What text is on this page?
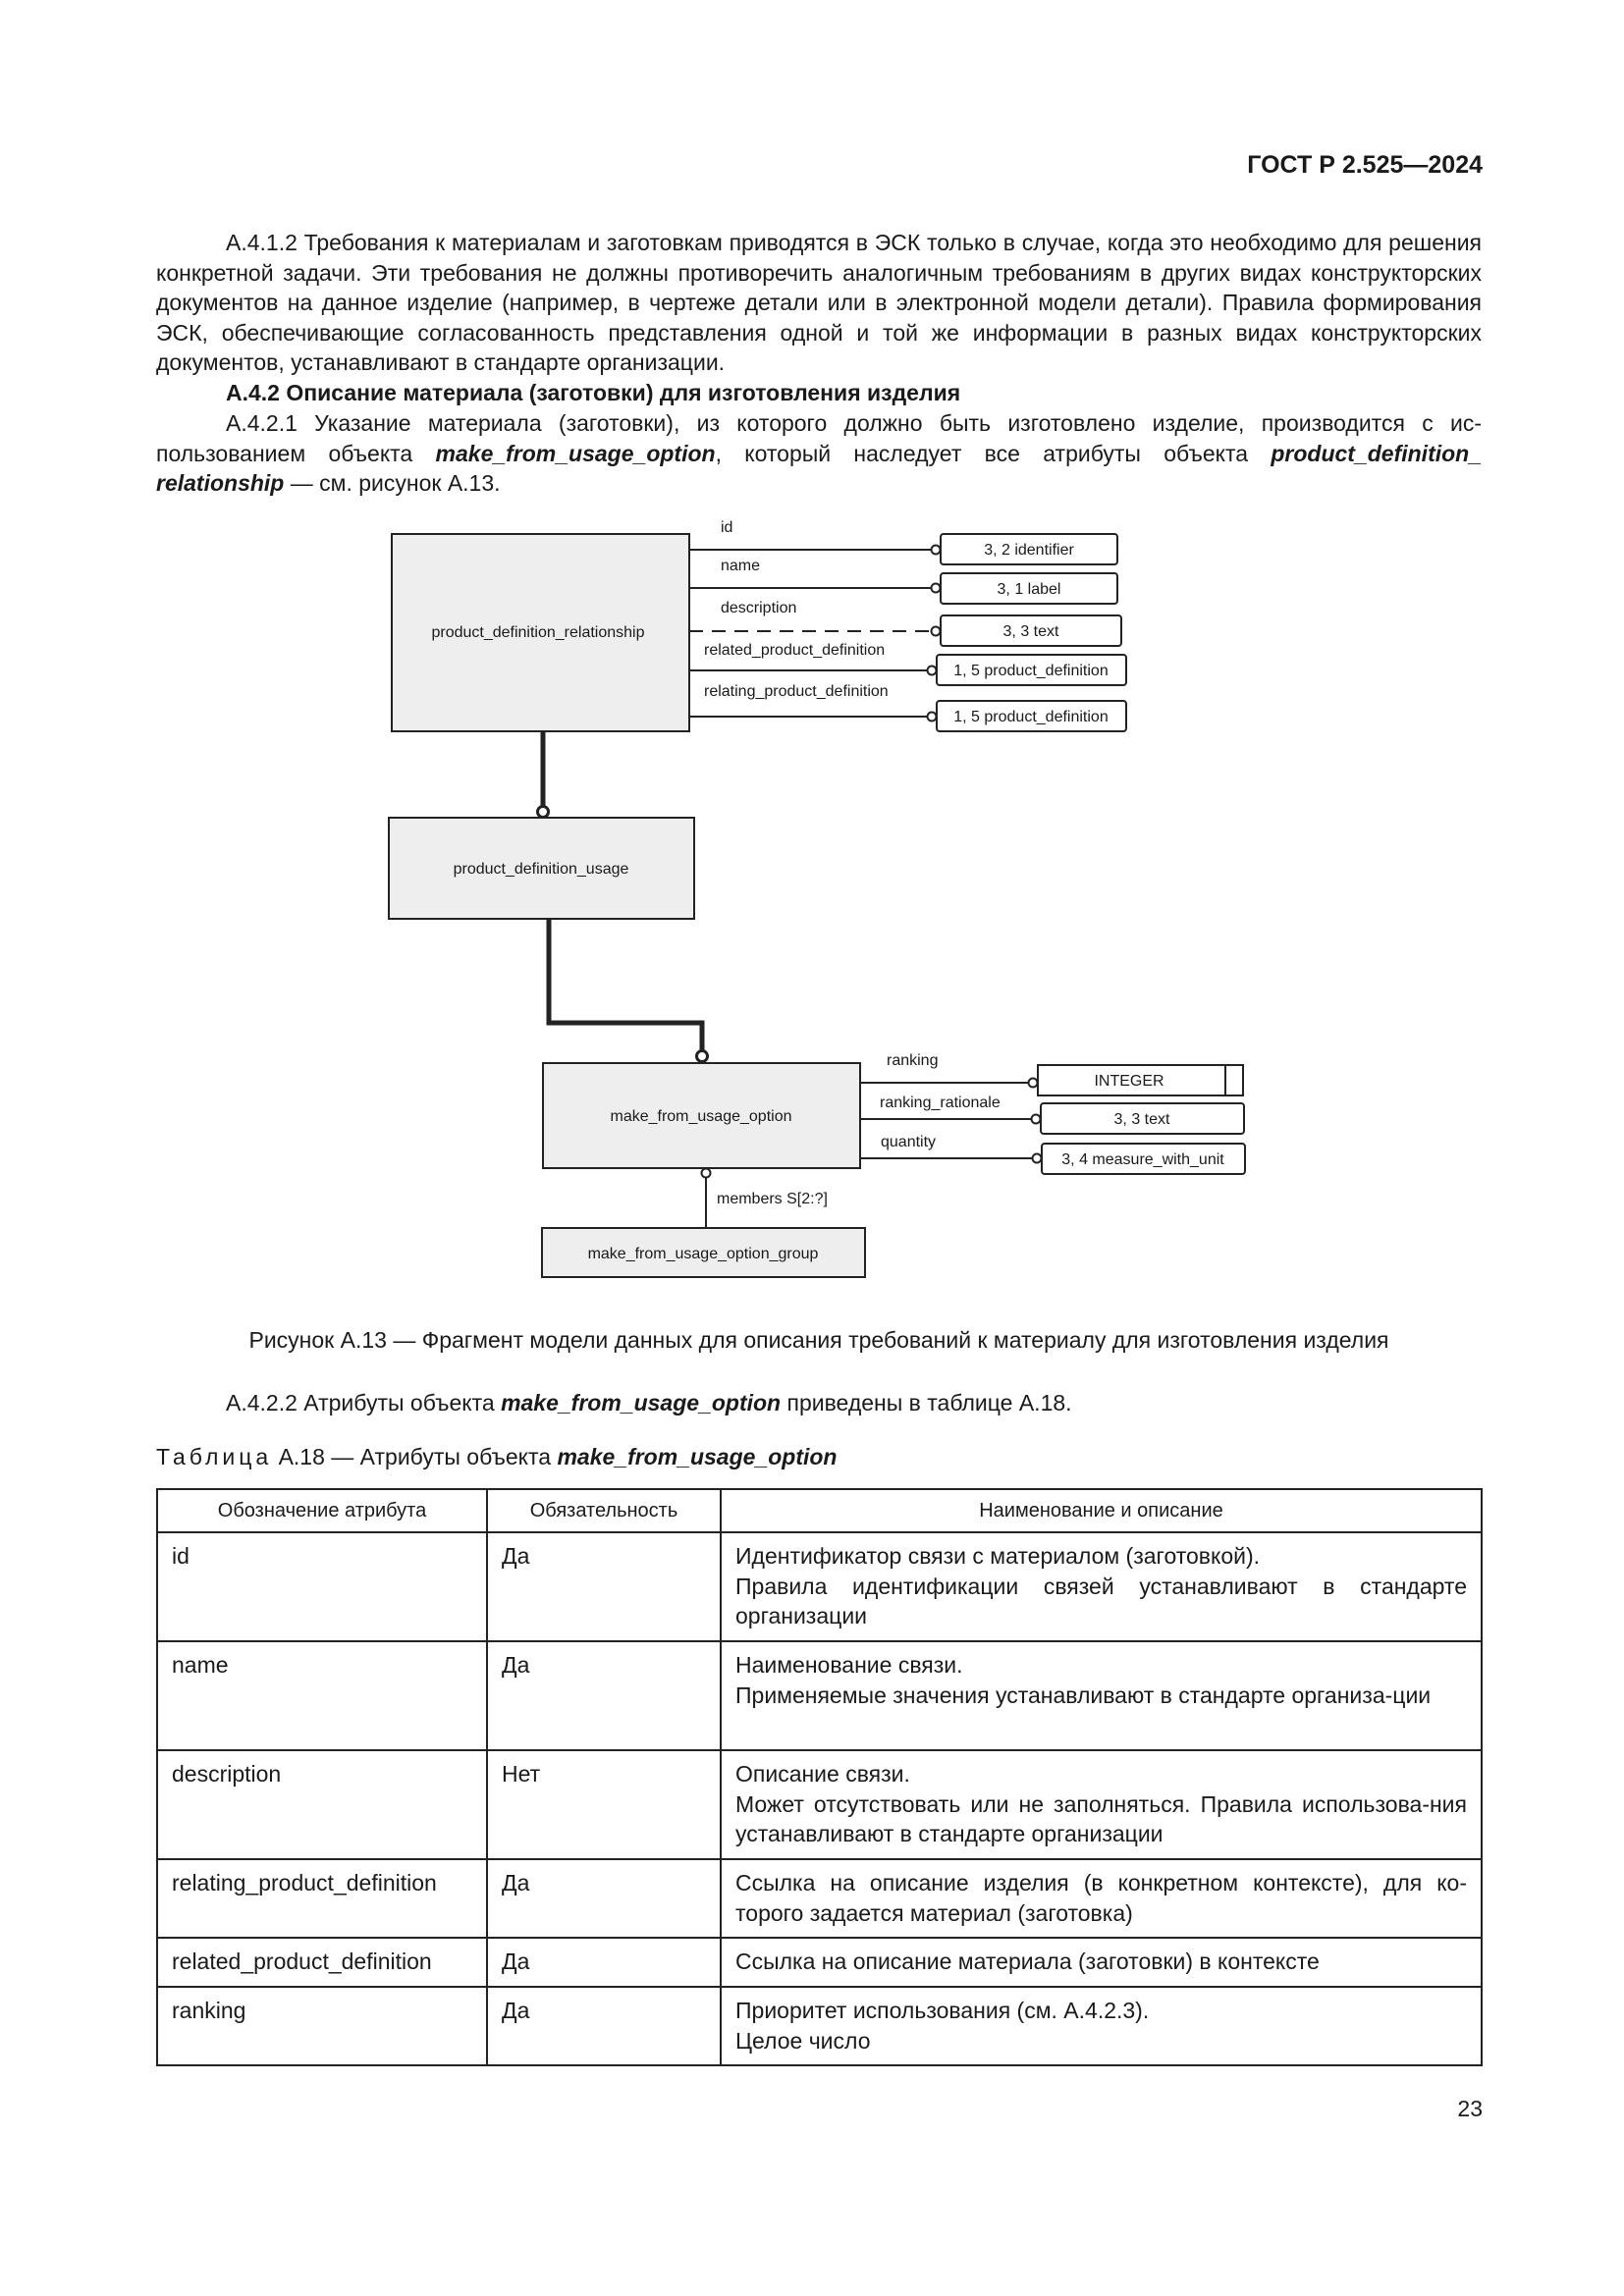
ГОСТ Р 2.525—2024
А.4.1.2 Требования к материалам и заготовкам приводятся в ЭСК только в случае, когда это необходимо для решения конкретной задачи. Эти требования не должны противоречить аналогичным требованиям в других видах конструкторских документов на данное изделие (например, в чертеже детали или в электронной модели детали). Правила формирования ЭСК, обеспечивающие согласованность представления одной и той же информации в разных видах конструкторских документов, устанавливают в стандарте организации.
А.4.2 Описание материала (заготовки) для изготовления изделия
А.4.2.1 Указание материала (заготовки), из которого должно быть изготовлено изделие, производится с ис- пользованием объекта make_from_usage_option, который наследует все атрибуты объекта product_definition_ relationship — см. рисунок А.13.
product_definition_relationship
product_definition_usage
make_from_usage_option
make_from_usage_option_group
id
name
description
related_product_definition
relating_product_definition
3, 2 identifier
3, 1 label
3, 3 text
1, 5 product_definition
1, 5 product_definition
ranking
ranking_rationale
quantity
INTEGER
3, 3 text
3, 4 measure_with_unit
members S[2:?]
Рисунок А.13 — Фрагмент модели данных для описания требований к материалу для изготовления изделия
А.4.2.2 Атрибуты объекта make_from_usage_option приведены в таблице А.18.
Таблица А.18 — Атрибуты объекта make_from_usage_option
Обозначение атрибута	Обязательность	Наименование и описание
id	Да	Идентификатор связи с материалом (заготовкой).
Правила идентификации связей устанавливают в стандарте организации

name	Да	Наименование связи.
Применяемые значения устанавливают в стандарте организа-ции

description	Нет	Описание связи.
Может отсутствовать или не заполняться. Правила использова-ния устанавливают в стандарте организации

relating_product_definition	Да	Ссылка на описание изделия (в конкретном контексте), для ко-торого задается материал (заготовка)

related_product_definition	Да	Ссылка на описание материала (заготовки) в контексте

ranking	Да	Приоритет использования (см. А.4.2.3).
Целое число
23
